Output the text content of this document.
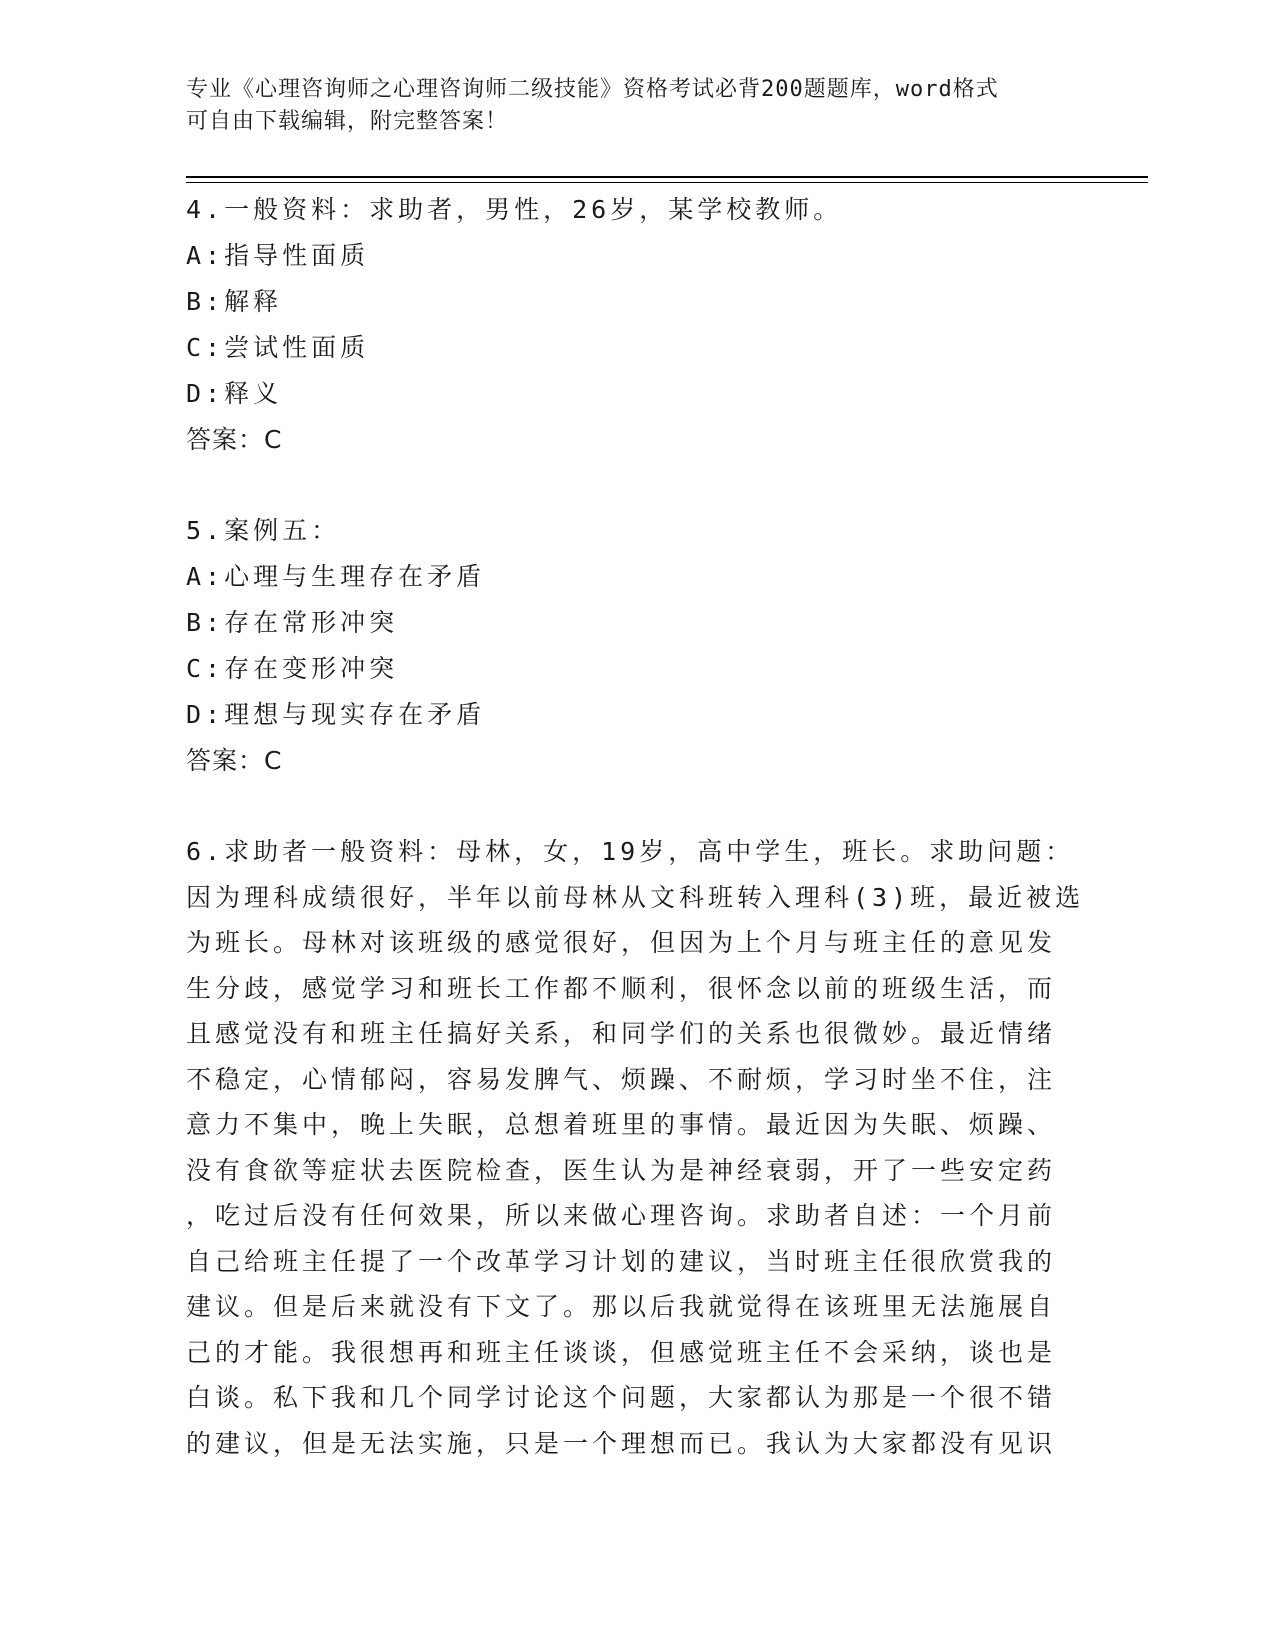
专业《心理咨询师之心理咨询师二级技能》资格考试必背200题题库，word格式
可自由下载编辑，附完整答案！
4.一般资料：求助者，男性，26岁，某学校教师。
A:指导性面质
B:解释
C:尝试性面质
D:释义
答案：C
5.案例五：
A:心理与生理存在矛盾
B:存在常形冲突
C:存在变形冲突
D:理想与现实存在矛盾
答案：C
6.求助者一般资料：母林，女，19岁，高中学生，班长。求助问题：
因为理科成绩很好，半年以前母林从文科班转入理科(3)班，最近被选
为班长。母林对该班级的感觉很好，但因为上个月与班主任的意见发
生分歧，感觉学习和班长工作都不顺利，很怀念以前的班级生活，而
且感觉没有和班主任搞好关系，和同学们的关系也很微妙。最近情绪
不稳定，心情郁闷，容易发脾气、烦躁、不耐烦，学习时坐不住，注
意力不集中，晚上失眠，总想着班里的事情。最近因为失眠、烦躁、
没有食欲等症状去医院检查，医生认为是神经衰弱，开了一些安定药
，吃过后没有任何效果，所以来做心理咨询。求助者自述：一个月前
自己给班主任提了一个改革学习计划的建议，当时班主任很欣赏我的
建议。但是后来就没有下文了。那以后我就觉得在该班里无法施展自
己的才能。我很想再和班主任谈谈，但感觉班主任不会采纳，谈也是
白谈。私下我和几个同学讨论这个问题，大家都认为那是一个很不错
的建议，但是无法实施，只是一个理想而已。我认为大家都没有见识
